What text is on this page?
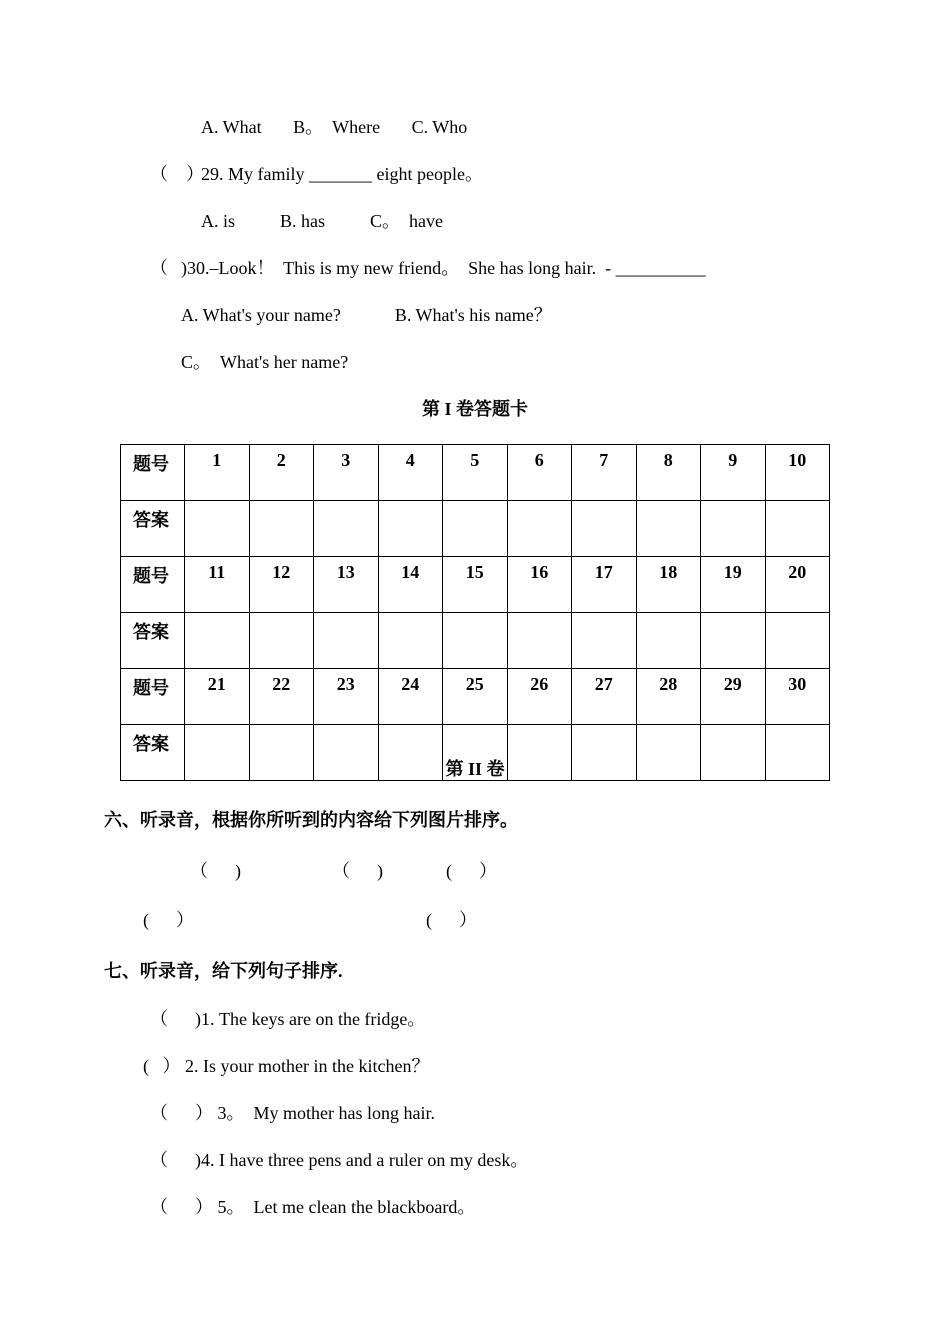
A. What       B。  Where       C. Who
（    ）
29. My family _______ eight people。
A. is          B. has          C。  have
（
)30.–Look！  This is my new friend。  She has long hair.  - __________
A. What's your name?            B. What's his name？
C。  What's her name?
第 I 卷答题卡
题号	1	2	3	4	5	6	7	8	9	10
答案										
题号	11	12	13	14	15	16	17	18	19	20
答案										
题号	21	22	23	24	25	26	27	28	29	30
答案										
第 II 卷
六、听录音，根据你所听到的内容给下列图片排序。
（      )	（      )	(      ）
(      ）	(      ）
七、听录音，给下列句子排序.
（      )1. The keys are on the fridge。
(   ） 2. Is your mother in the kitchen？
（      ） 3。  My mother has long hair.
（      )4. I have three pens and a ruler on my desk。
（      ） 5。  Let me clean the blackboard。
